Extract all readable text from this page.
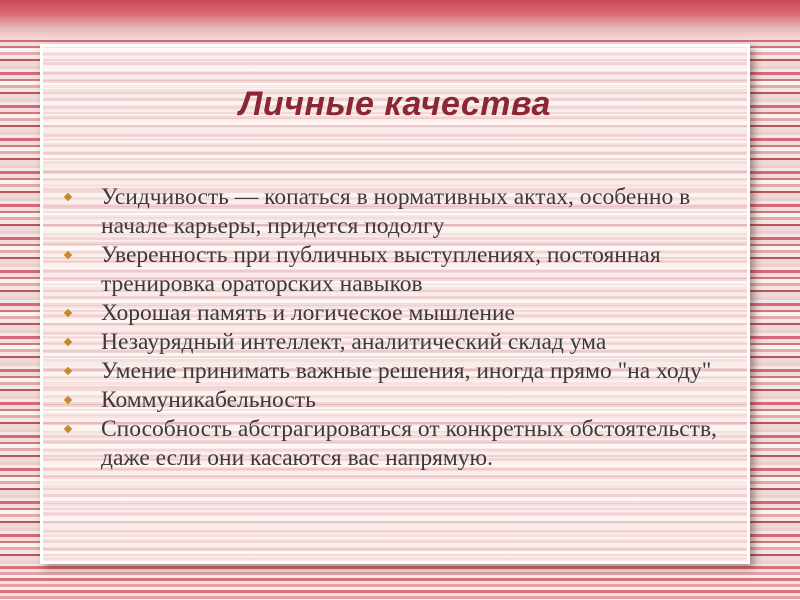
Личные качества
Усидчивость — копаться в нормативных актах, особенно в начале карьеры, придется подолгу
Уверенность при публичных выступлениях, постоянная тренировка ораторских навыков
Хорошая память и логическое мышление
Незаурядный интеллект, аналитический склад ума
Умение принимать важные решения, иногда прямо "на ходу"
Коммуникабельность
Способность абстрагироваться от конкретных обстоятельств, даже если они касаются вас напрямую.
